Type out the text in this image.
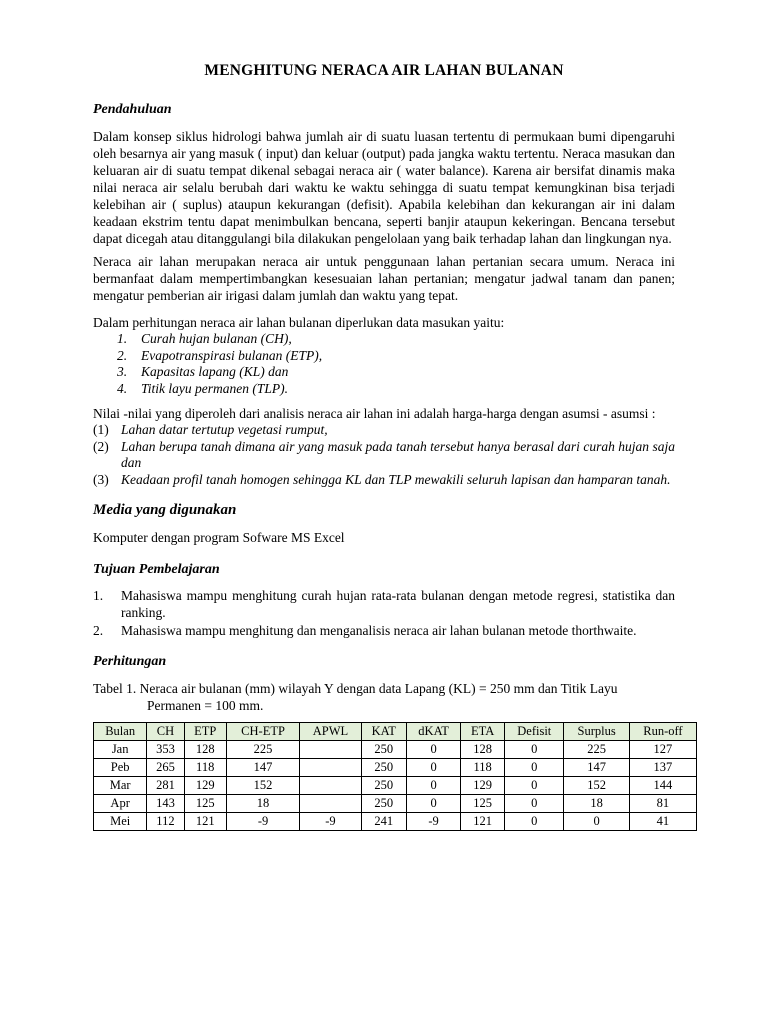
MENGHITUNG NERACA AIR LAHAN BULANAN
Pendahuluan

Dalam konsep siklus hidrologi bahwa jumlah air di suatu luasan tertentu di permukaan bumi dipengaruhi oleh besarnya air yang masuk ( input) dan keluar (output) pada jangka waktu tertentu. Neraca masukan dan keluaran air di suatu tempat dikenal sebagai neraca air ( water balance). Karena air bersifat dinamis maka nilai neraca air selalu berubah dari waktu ke waktu sehingga di suatu tempat kemungkinan bisa terjadi kelebihan air ( suplus) ataupun kekurangan (defisit). Apabila kelebihan dan kekurangan air ini dalam keadaan ekstrim tentu dapat menimbulkan bencana, seperti banjir ataupun kekeringan. Bencana tersebut dapat dicegah atau ditanggulangi bila dilakukan pengelolaan yang baik terhadap lahan dan lingkungan nya.

Neraca air lahan merupakan neraca air untuk penggunaan lahan pertanian secara umum. Neraca ini bermanfaat dalam mempertimbangkan kesesuaian lahan pertanian; mengatur jadwal tanam dan panen; mengatur pemberian air irigasi dalam jumlah dan waktu yang tepat.

Dalam perhitungan neraca air lahan bulanan diperlukan data masukan yaitu:

1. Curah hujan bulanan (CH),
2. Evapotranspirasi bulanan (ETP),
3. Kapasitas lapang (KL) dan
4. Titik layu permanen (TLP).

Nilai -nilai yang diperoleh dari analisis neraca air lahan ini adalah harga-harga dengan asumsi - asumsi :

(1) Lahan datar tertutup vegetasi rumput,
(2) Lahan berupa tanah dimana air yang masuk pada tanah tersebut hanya berasal dari curah hujan saja dan
(3) Keadaan profil tanah homogen sehingga KL dan TLP mewakili seluruh lapisan dan hamparan tanah.
Media yang digunakan

Komputer dengan program Sofware MS Excel

Tujuan Pembelajaran
1. Mahasiswa mampu menghitung curah hujan rata-rata bulanan dengan metode regresi, statistika dan ranking.
2. Mahasiswa mampu menghitung dan menganalisis neraca air lahan bulanan metode thorthwaite.
Perhitungan
Tabel 1. Neraca air bulanan (mm) wilayah Y dengan data Lapang (KL) = 250 mm dan Titik Layu
Permanen = 100 mm.
Bulan	CH	ETP	CH-ETP	APWL	KAT	dKAT	ETA	Defisit	Surplus	Run-off
Jan	353	128	225		250	0	128	0	225	127
Peb	265	118	147		250	0	118	0	147	137
Mar	281	129	152		250	0	129	0	152	144
Apr	143	125	18		250	0	125	0	18	81
Mei	112	121	-9	-9	241	-9	121	0	0	41
